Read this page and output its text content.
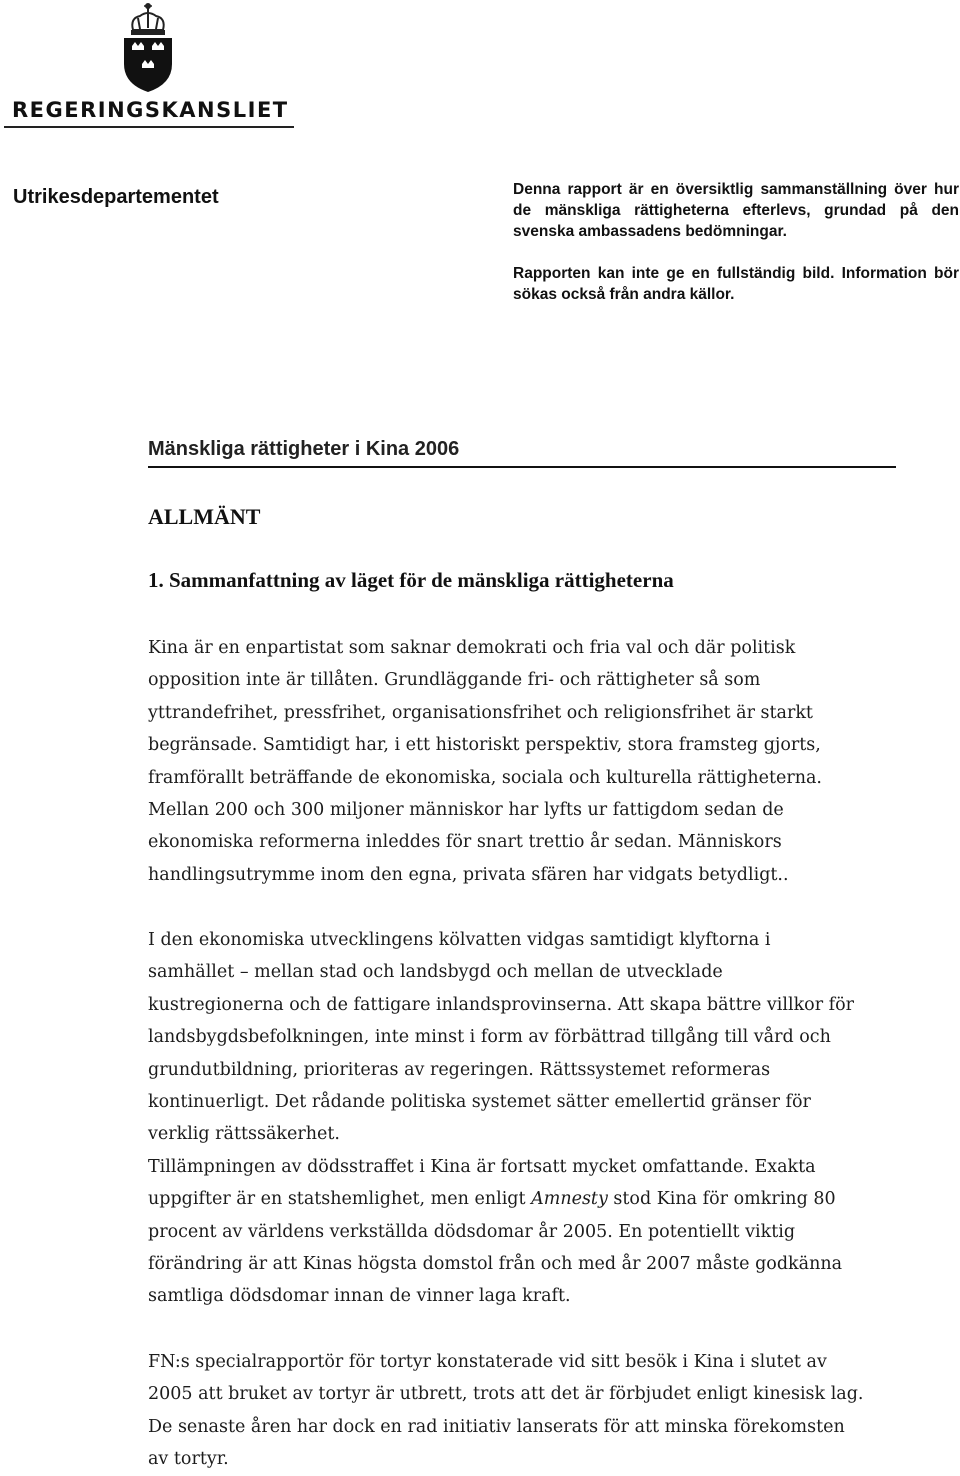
REGERINGSKANSLIET
Utrikesdepartementet	Denna rapport är en översiktlig sammanställning över hur de mänskliga rättigheterna efterlevs, grundad på den svenska ambassadens bedömningar.

Rapporten kan inte ge en fullständig bild. Information bör sökas också från andra källor.

Mänskliga rättigheter i Kina 2006
ALLMÄNT
1. Sammanfattning av läget för de mänskliga rättigheterna
Kina är en enpartistat som saknar demokrati och fria val och där politisk
opposition inte är tillåten. Grundläggande fri- och rättigheter så som
yttrandefrihet, pressfrihet, organisationsfrihet och religionsfrihet är starkt
begränsade. Samtidigt har, i ett historiskt perspektiv, stora framsteg gjorts,
framförallt beträffande de ekonomiska, sociala och kulturella rättigheterna.
Mellan 200 och 300 miljoner människor har lyfts ur fattigdom sedan de
ekonomiska reformerna inleddes för snart trettio år sedan. Människors
handlingsutrymme inom den egna, privata sfären har vidgats betydligt..
I den ekonomiska utvecklingens kölvatten vidgas samtidigt klyftorna i
samhället – mellan stad och landsbygd och mellan de utvecklade
kustregionerna och de fattigare inlandsprovinserna. Att skapa bättre villkor för
landsbygdsbefolkningen, inte minst i form av förbättrad tillgång till vård och
grundutbildning, prioriteras av regeringen. Rättssystemet reformeras
kontinuerligt. Det rådande politiska systemet sätter emellertid gränser för
verklig rättssäkerhet.
Tillämpningen av dödsstraffet i Kina är fortsatt mycket omfattande. Exakta
uppgifter är en statshemlighet, men enligt Amnesty stod Kina för omkring 80
procent av världens verkställda dödsdomar år 2005. En potentiellt viktig
förändring är att Kinas högsta domstol från och med år 2007 måste godkänna
samtliga dödsdomar innan de vinner laga kraft.
FN:s specialrapportör för tortyr konstaterade vid sitt besök i Kina i slutet av
2005 att bruket av tortyr är utbrett, trots att det är förbjudet enligt kinesisk lag.
De senaste åren har dock en rad initiativ lanserats för att minska förekomsten
av tortyr.
